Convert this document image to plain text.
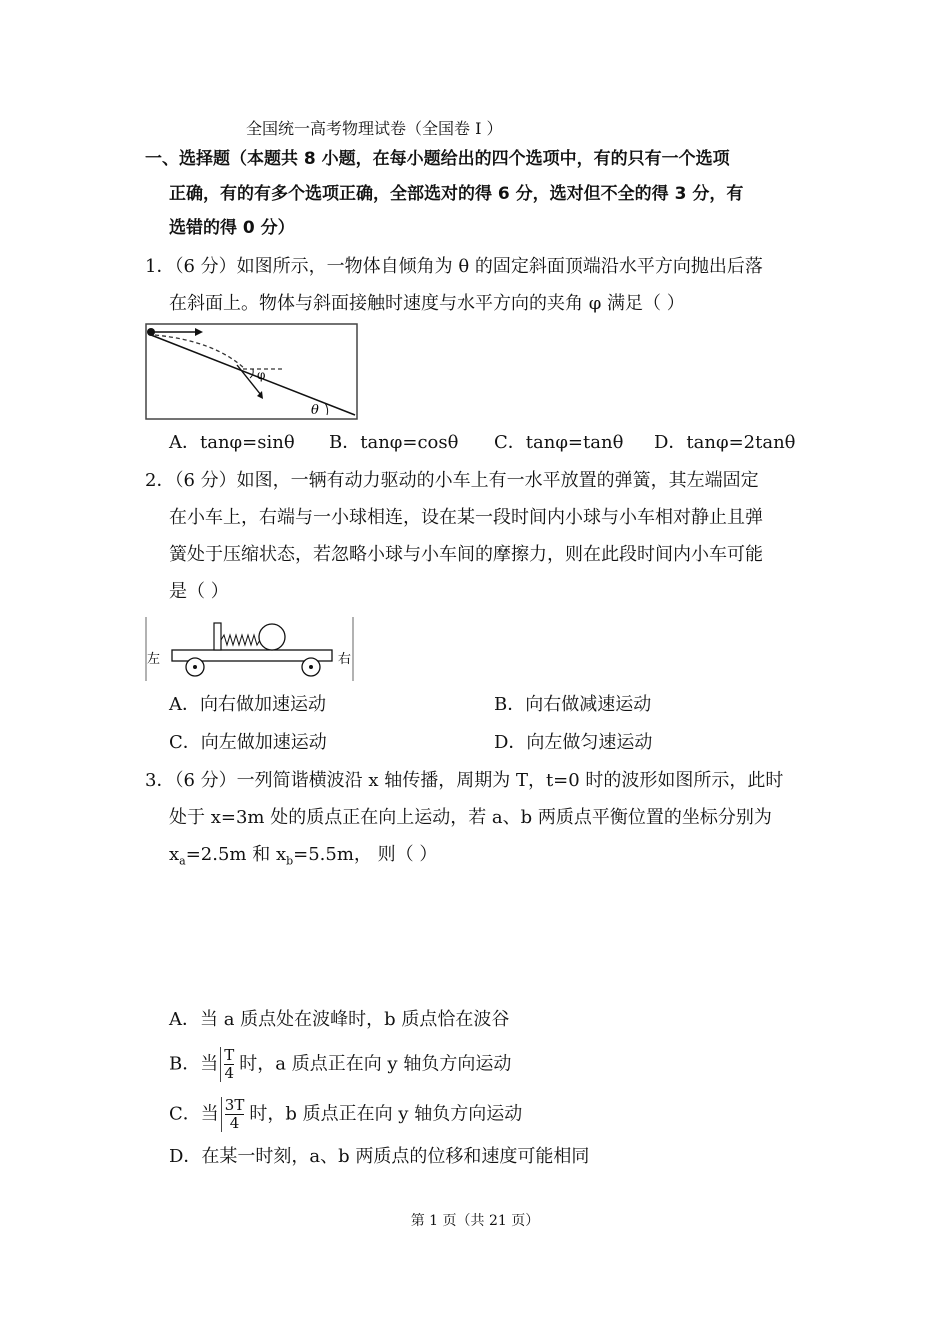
全国统一高考物理试卷（全国卷 I ）
一、选择题（本题共 8 小题，在每小题给出的四个选项中，有的只有一个选项
正确，有的有多个选项正确，全部选对的得 6 分，选对但不全的得 3 分，有
选错的得 0 分）
1．（6 分）如图所示，一物体自倾角为 θ 的固定斜面顶端沿水平方向抛出后落
在斜面上。物体与斜面接触时速度与水平方向的夹角 φ 满足（ ）
φ
θ
A．tanφ=sinθ B．tanφ=cosθ C．tanφ=tanθ D．tanφ=2tanθ
2．（6 分）如图，一辆有动力驱动的小车上有一水平放置的弹簧，其左端固定
在小车上，右端与一小球相连，设在某一段时间内小球与小车相对静止且弹
簧处于压缩状态，若忽略小球与小车间的摩擦力，则在此段时间内小车可能
是（ ）
左	右
A．向右做加速运动	B．向右做减速运动
C．向左做加速运动	D．向左做匀速运动
3．（6 分）一列简谐横波沿 x 轴传播，周期为 T，t=0 时的波形如图所示，此时
处于 x=3m 处的质点正在向上运动，若 a、b 两质点平衡位置的坐标分别为
$x_a=2.5m$ 和 $x_b=5.5m$， 则（ ）
A．当 a 质点处在波峰时，b 质点恰在波谷
B．当 $\frac{T}{4}$ 时，a 质点正在向 y 轴负方向运动
C．当 $\frac{3T}{4}$ 时，b 质点正在向 y 轴负方向运动
D．在某一时刻，a、b 两质点的位移和速度可能相同
第 1 页（共 21 页）
